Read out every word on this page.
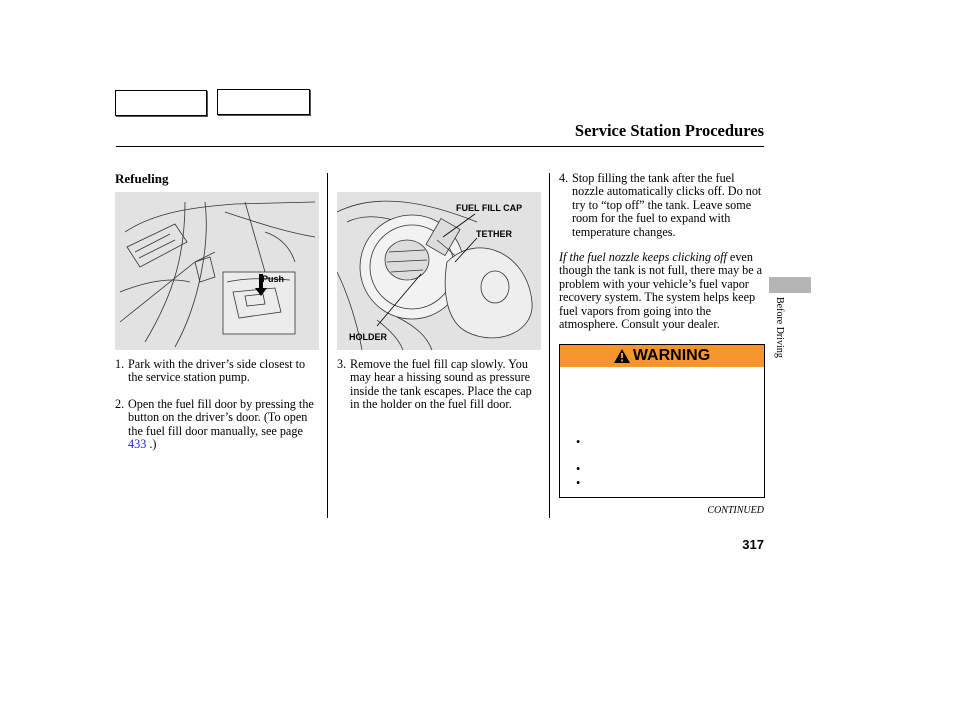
Service Station Procedures
Refueling
Push
1. Park with the driver’s side closest to the service station pump.
2. Open the fuel fill door by pressing the button on the driver’s door. (To open the fuel fill door manually, see page 433 .)
FUEL FILL CAP
TETHER
HOLDER
3. Remove the fuel fill cap slowly. You may hear a hissing sound as pressure inside the tank escapes. Place the cap in the holder on the fuel fill door.
4. Stop filling the tank after the fuel nozzle automatically clicks off. Do not try to “top off” the tank. Leave some room for the fuel to expand with temperature changes.
If the fuel nozzle keeps clicking off even though the tank is not full, there may be a problem with your vehicle’s fuel vapor recovery system. The system helps keep fuel vapors from going into the atmosphere. Consult your dealer.
WARNING
•
•
•
Before Driving
CONTINUED
317
